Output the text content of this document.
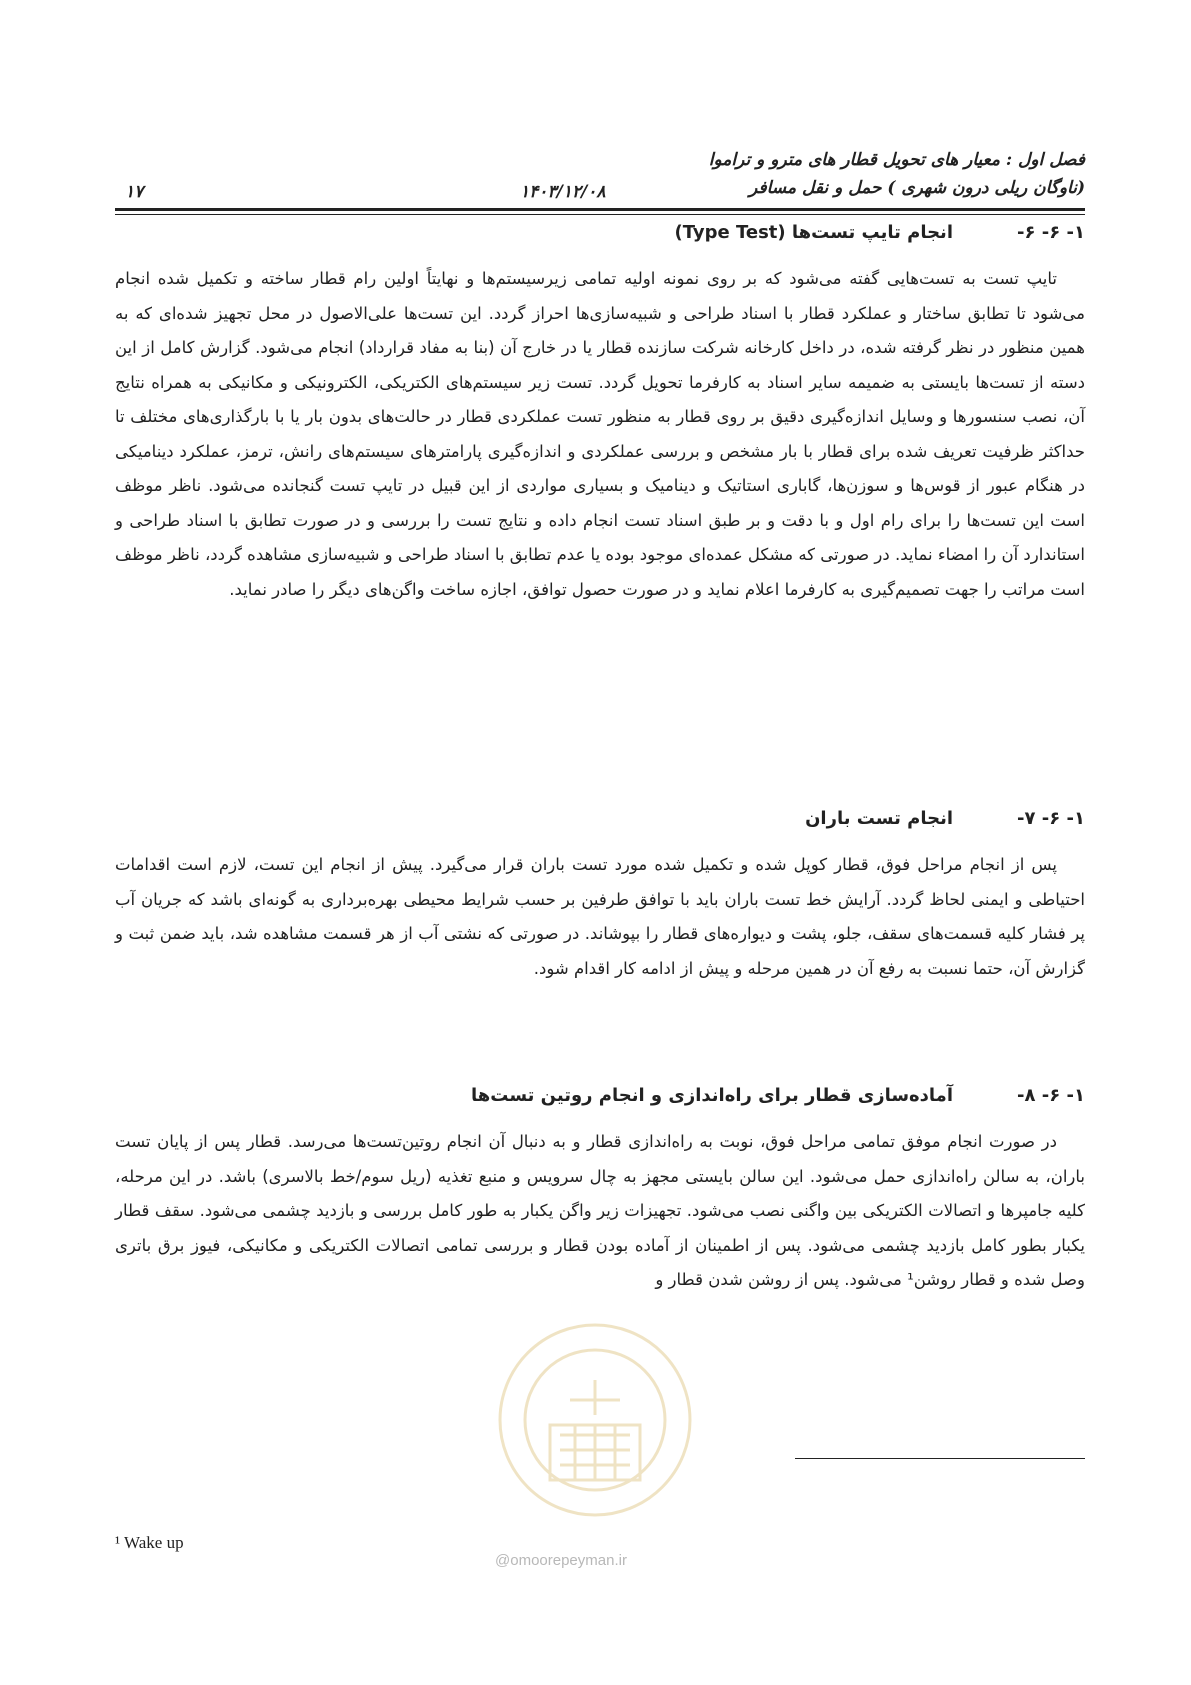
فصل اول : معیار های تحویل قطار های مترو و تراموا
(ناوگان ریلی درون شهری ) حمل و نقل مسافر
۱۴۰۳/۱۲/۰۸
۱۷
۱- ۶- ۶-
انجام تایپ تست‌ها (Type Test)
تایپ تست به تست‌هایی گفته می‌شود که بر روی نمونه اولیه تمامی زیرسیستم‌ها و نهایتاً اولین رام قطار ساخته و تکمیل شده انجام می‌شود تا تطابق ساختار و عملکرد قطار با اسناد طراحی و شبیه‌سازی‌ها احراز گردد. این تست‌ها علی‌الاصول در محل تجهیز شده‌ای که به همین منظور در نظر گرفته شده، در داخل کارخانه شرکت سازنده قطار یا در خارج آن (بنا به مفاد قرارداد) انجام می‌شود. گزارش کامل از این دسته از تست‌ها بایستی به ضمیمه سایر اسناد به کارفرما تحویل گردد. تست زیر سیستم‌های الکتریکی، الکترونیکی و مکانیکی به همراه نتایج آن، نصب سنسورها و وسایل اندازه‌گیری دقیق بر روی قطار به منظور تست عملکردی قطار در حالت‌های بدون بار یا با بارگذاری‌های مختلف تا حداکثر ظرفیت تعریف شده برای قطار با بار مشخص و بررسی عملکردی و اندازه‌گیری پارامترهای سیستم‌های رانش، ترمز، عملکرد دینامیکی در هنگام عبور از قوس‌ها و سوزن‌ها، گاباری استاتیک و دینامیک و بسیاری مواردی از این قبیل در تایپ تست گنجانده می‌شود. ناظر موظف است این تست‌ها را برای رام اول و با دقت و بر طبق اسناد تست انجام داده و نتایج تست را بررسی و در صورت تطابق با اسناد طراحی و استاندارد آن را امضاء نماید. در صورتی که مشکل عمده‌ای موجود بوده یا عدم تطابق با اسناد طراحی و شبیه‌سازی مشاهده گردد، ناظر موظف است مراتب را جهت تصمیم‌گیری به کارفرما اعلام نماید و در صورت حصول توافق، اجازه ساخت واگن‌های دیگر را صادر نماید.
۱- ۶- ۷-
انجام تست باران
پس از انجام مراحل فوق، قطار کوپل شده و تکمیل شده مورد تست باران قرار می‌گیرد. پیش از انجام این تست، لازم است اقدامات احتیاطی و ایمنی لحاظ گردد. آرایش خط تست باران باید با توافق طرفین بر حسب شرایط محیطی بهره‌برداری به گونه‌ای باشد که جریان آب پر فشار کلیه قسمت‌های سقف، جلو، پشت و دیواره‌های قطار را بپوشاند. در صورتی که نشتی آب از هر قسمت مشاهده شد، باید ضمن ثبت و گزارش آن، حتما نسبت به رفع آن در همین مرحله و پیش از ادامه کار اقدام شود.
۱- ۶- ۸-
آماده‌سازی قطار برای راه‌اندازی و انجام روتین تست‌ها
در صورت انجام موفق تمامی مراحل فوق، نوبت به راه‌اندازی قطار و به دنبال آن انجام روتین‌تست‌ها می‌رسد. قطار پس از پایان تست باران، به سالن راه‌اندازی حمل می‌شود. این سالن بایستی مجهز به چال سرویس و منبع تغذیه (ریل سوم/خط بالاسری) باشد. در این مرحله، کلیه جامپرها و اتصالات الکتریکی بین واگنی نصب می‌شود. تجهیزات زیر واگن یکبار به طور کامل بررسی و بازدید چشمی می‌شود. سقف قطار یکبار بطور کامل بازدید چشمی می‌شود. پس از اطمینان از آماده بودن قطار و بررسی تمامی اتصالات الکتریکی و مکانیکی، فیوز برق باتری وصل شده و قطار روشن¹ می‌شود. پس از روشن شدن قطار و
@omoorepeyman.ir
¹ Wake up
